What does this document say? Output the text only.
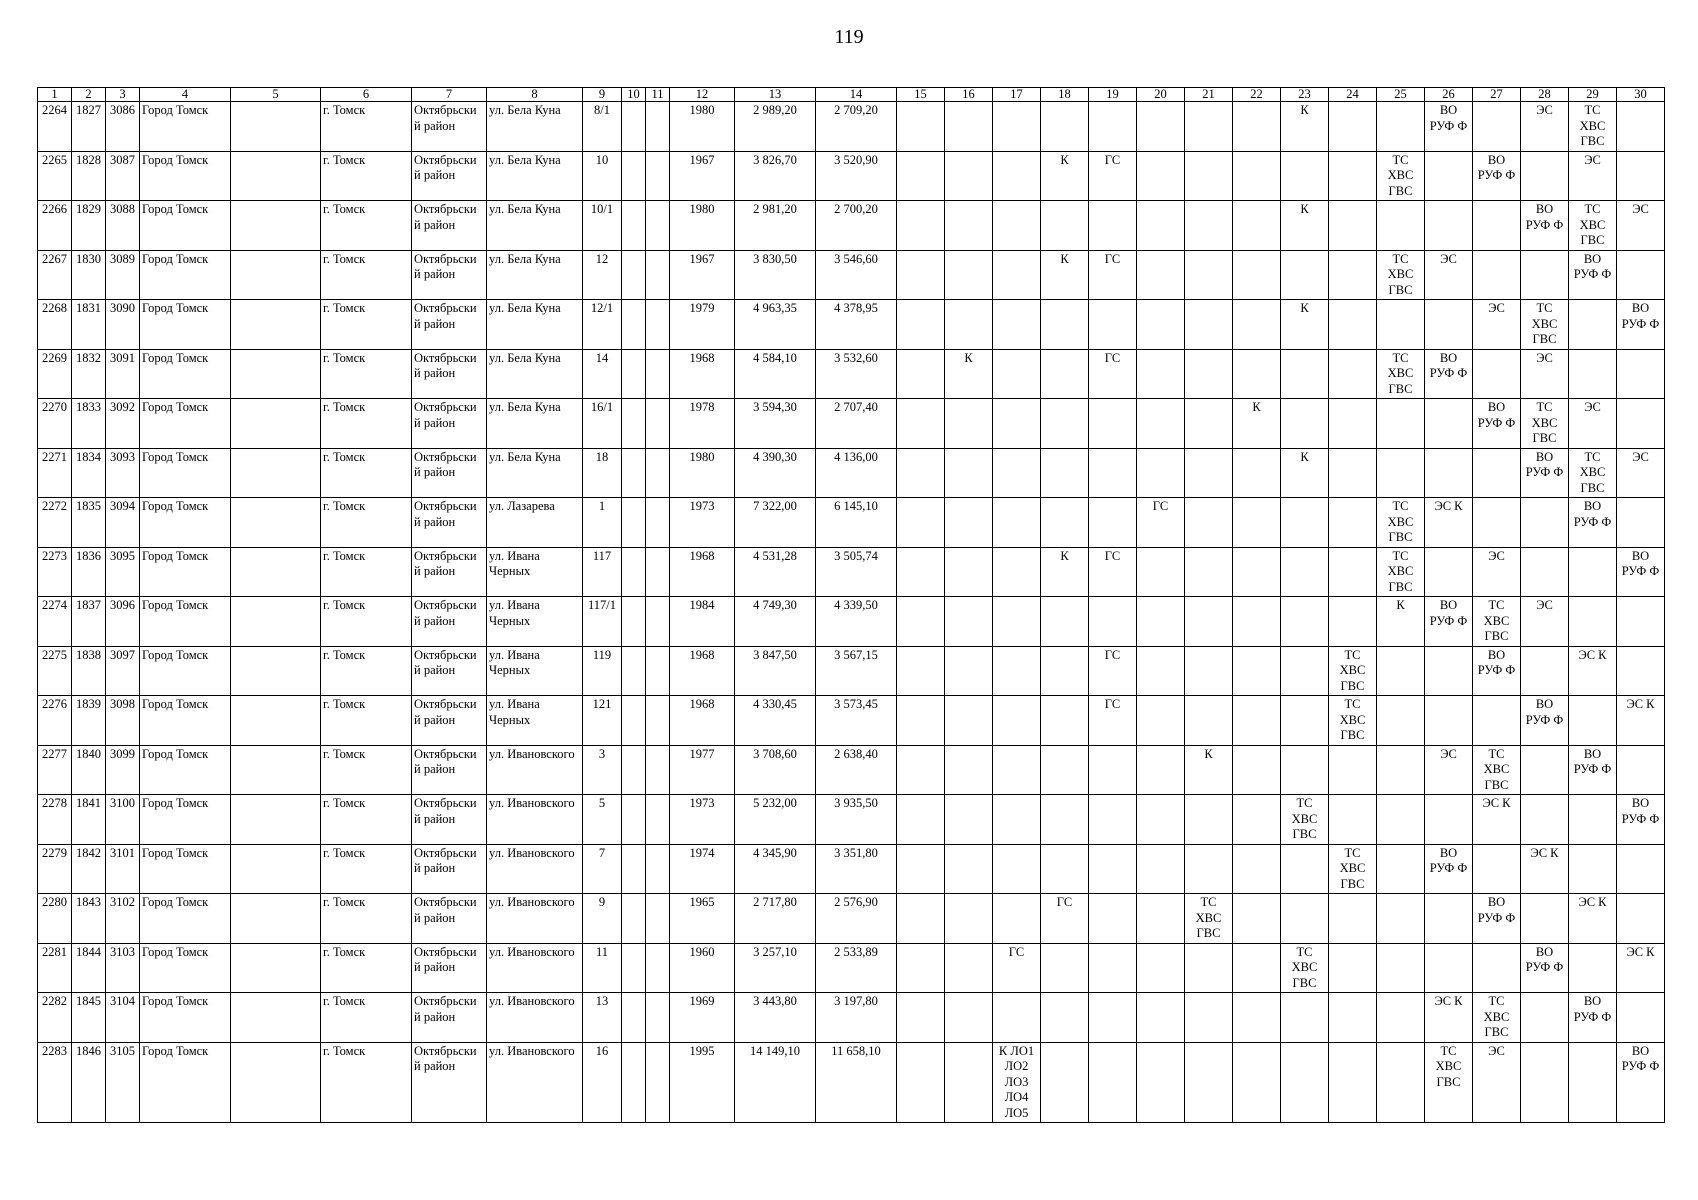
119
1	2	3	4	5	6	7	8	9	10	11	12	13	14	15	16	17	18	19	20	21	22	23	24	25	26	27	28	29	30
2264	1827	3086	Город Томск		г. Томск	Октябрьски
й район	ул. Бела Куна	8/1			1980	2 989,20	2 709,20									К			ВО
РУФ Ф		ЭС	ТС
ХВС
ГВС	
2265	1828	3087	Город Томск		г. Томск	Октябрьски
й район	ул. Бела Куна	10			1967	3 826,70	3 520,90				К	ГС						ТС
ХВС
ГВС		ВО
РУФ Ф		ЭС	
2266	1829	3088	Город Томск		г. Томск	Октябрьски
й район	ул. Бела Куна	10/1			1980	2 981,20	2 700,20									К					ВО
РУФ Ф	ТС
ХВС
ГВС	ЭС
2267	1830	3089	Город Томск		г. Томск	Октябрьски
й район	ул. Бела Куна	12			1967	3 830,50	3 546,60				К	ГС						ТС
ХВС
ГВС	ЭС			ВО
РУФ Ф	
2268	1831	3090	Город Томск		г. Томск	Октябрьски
й район	ул. Бела Куна	12/1			1979	4 963,35	4 378,95									К				ЭС	ТС
ХВС
ГВС		ВО
РУФ Ф
2269	1832	3091	Город Томск		г. Томск	Октябрьски
й район	ул. Бела Куна	14			1968	4 584,10	3 532,60		К			ГС						ТС
ХВС
ГВС	ВО
РУФ Ф		ЭС		
2270	1833	3092	Город Томск		г. Томск	Октябрьски
й район	ул. Бела Куна	16/1			1978	3 594,30	2 707,40								К					ВО
РУФ Ф	ТС
ХВС
ГВС	ЭС	
2271	1834	3093	Город Томск		г. Томск	Октябрьски
й район	ул. Бела Куна	18			1980	4 390,30	4 136,00									К					ВО
РУФ Ф	ТС
ХВС
ГВС	ЭС
2272	1835	3094	Город Томск		г. Томск	Октябрьски
й район	ул. Лазарева	1			1973	7 322,00	6 145,10						ГС					ТС
ХВС
ГВС	ЭС К			ВО
РУФ Ф	
2273	1836	3095	Город Томск		г. Томск	Октябрьски
й район	ул. Ивана
Черных	117			1968	4 531,28	3 505,74				К	ГС						ТС
ХВС
ГВС		ЭС			ВО
РУФ Ф
2274	1837	3096	Город Томск		г. Томск	Октябрьски
й район	ул. Ивана
Черных	117/1			1984	4 749,30	4 339,50											К	ВО
РУФ Ф	ТС
ХВС
ГВС	ЭС		
2275	1838	3097	Город Томск		г. Томск	Октябрьски
й район	ул. Ивана
Черных	119			1968	3 847,50	3 567,15					ГС					ТС
ХВС
ГВС			ВО
РУФ Ф		ЭС К	
2276	1839	3098	Город Томск		г. Томск	Октябрьски
й район	ул. Ивана
Черных	121			1968	4 330,45	3 573,45					ГС					ТС
ХВС
ГВС				ВО
РУФ Ф		ЭС К
2277	1840	3099	Город Томск		г. Томск	Октябрьски
й район	ул. Ивановского	3			1977	3 708,60	2 638,40							К					ЭС	ТС
ХВС
ГВС		ВО
РУФ Ф	
2278	1841	3100	Город Томск		г. Томск	Октябрьски
й район	ул. Ивановского	5			1973	5 232,00	3 935,50									ТС
ХВС
ГВС				ЭС К			ВО
РУФ Ф
2279	1842	3101	Город Томск		г. Томск	Октябрьски
й район	ул. Ивановского	7			1974	4 345,90	3 351,80										ТС
ХВС
ГВС		ВО
РУФ Ф		ЭС К		
2280	1843	3102	Город Томск		г. Томск	Октябрьски
й район	ул. Ивановского	9			1965	2 717,80	2 576,90				ГС			ТС
ХВС
ГВС						ВО
РУФ Ф		ЭС К	
2281	1844	3103	Город Томск		г. Томск	Октябрьски
й район	ул. Ивановского	11			1960	3 257,10	2 533,89			ГС						ТС
ХВС
ГВС					ВО
РУФ Ф		ЭС К
2282	1845	3104	Город Томск		г. Томск	Октябрьски
й район	ул. Ивановского	13			1969	3 443,80	3 197,80												ЭС К	ТС
ХВС
ГВС		ВО
РУФ Ф	
2283	1846	3105	Город Томск		г. Томск	Октябрьски
й район	ул. Ивановского	16			1995	14 149,10	11 658,10			К ЛО1
ЛО2
ЛО3
ЛО4
ЛО5									ТС
ХВС
ГВС	ЭС			ВО
РУФ Ф
